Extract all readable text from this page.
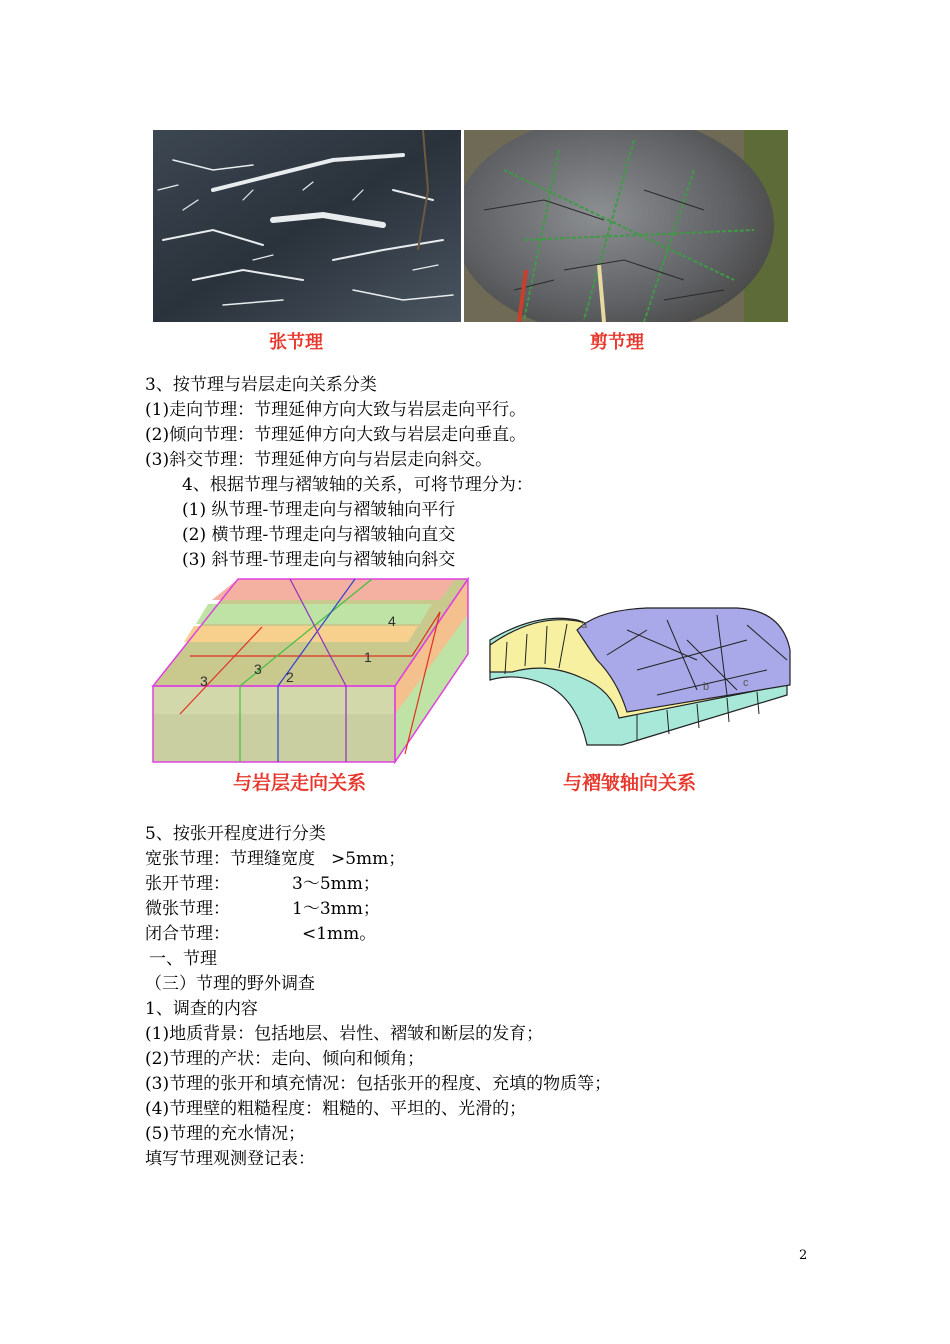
张节理	剪节理
3、按节理与岩层走向关系分类
(1)走向节理：节理延伸方向大致与岩层走向平行。
(2)倾向节理：节理延伸方向大致与岩层走向垂直。
(3)斜交节理：节理延伸方向与岩层走向斜交。
4、根据节理与褶皱轴的关系，可将节理分为：
(1) 纵节理-节理走向与褶皱轴向平行
(2) 横节理-节理走向与褶皱轴向直交
(3) 斜节理-节理走向与褶皱轴向斜交
1
2
3
3
4	a
b	c
与岩层走向关系	与褶皱轴向关系
5、按张开程度进行分类
宽张节理：节理缝宽度 >5mm；
张开节理：	3～5mm；
微张节理：	1～3mm；
闭合节理：	<1mm。
一、节理
（三）节理的野外调查
1、调查的内容
(1)地质背景：包括地层、岩性、褶皱和断层的发育；
(2)节理的产状：走向、倾向和倾角；
(3)节理的张开和填充情况：包括张开的程度、充填的物质等；
(4)节理壁的粗糙程度：粗糙的、平坦的、光滑的；
(5)节理的充水情况；
填写节理观测登记表：
2
